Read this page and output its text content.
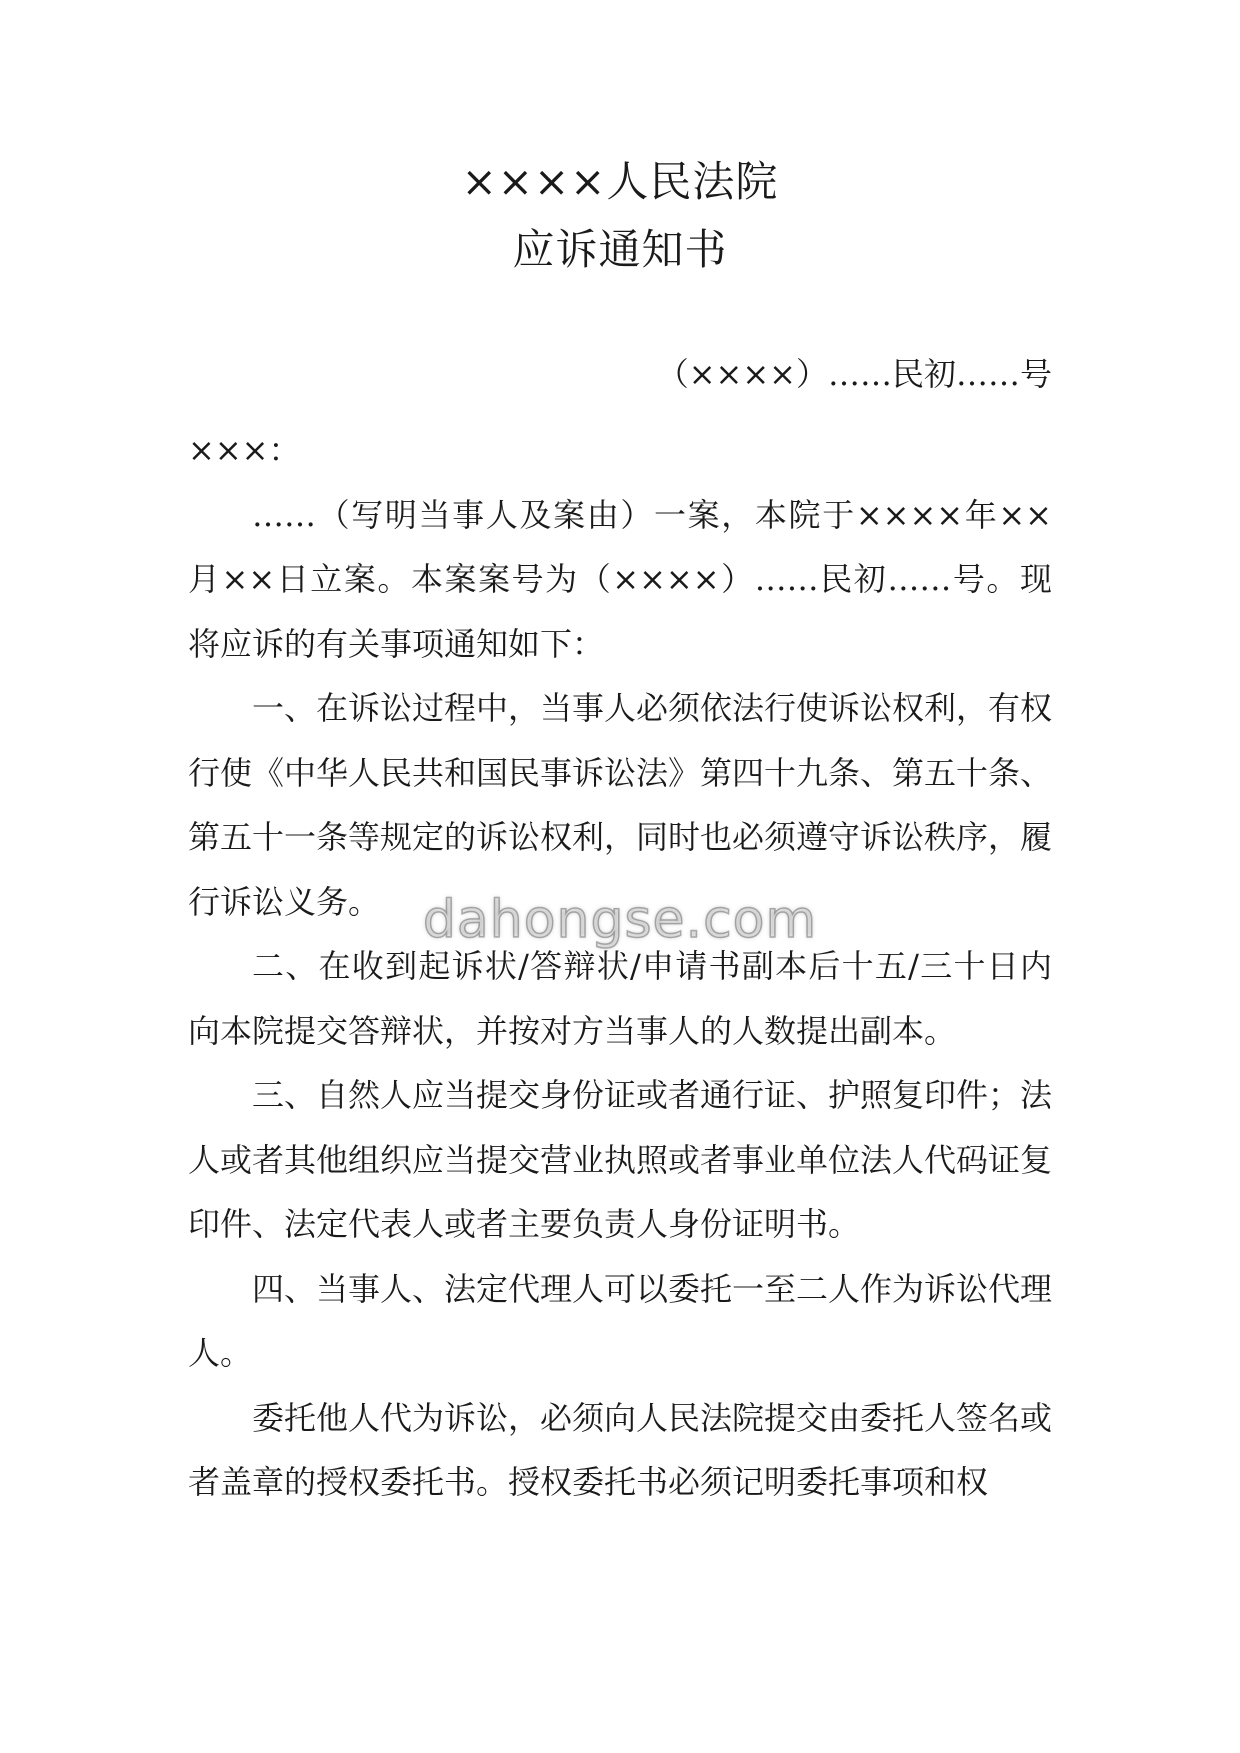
××××人民法院
应诉通知书
（××××）……民初……号

×××：

……（写明当事人及案由）一案，本院于××××年××月××日立案。本案案号为（××××）……民初……号。现将应诉的有关事项通知如下：

一、在诉讼过程中，当事人必须依法行使诉讼权利，有权行使《中华人民共和国民事诉讼法》第四十九条、第五十条、第五十一条等规定的诉讼权利，同时也必须遵守诉讼秩序，履行诉讼义务。

二、在收到起诉状/答辩状/申请书副本后十五/三十日内向本院提交答辩状，并按对方当事人的人数提出副本。

三、自然人应当提交身份证或者通行证、护照复印件；法人或者其他组织应当提交营业执照或者事业单位法人代码证复印件、法定代表人或者主要负责人身份证明书。

四、当事人、法定代理人可以委托一至二人作为诉讼代理人。

委托他人代为诉讼，必须向人民法院提交由委托人签名或者盖章的授权委托书。授权委托书必须记明委托事项和权

dahongse.com
